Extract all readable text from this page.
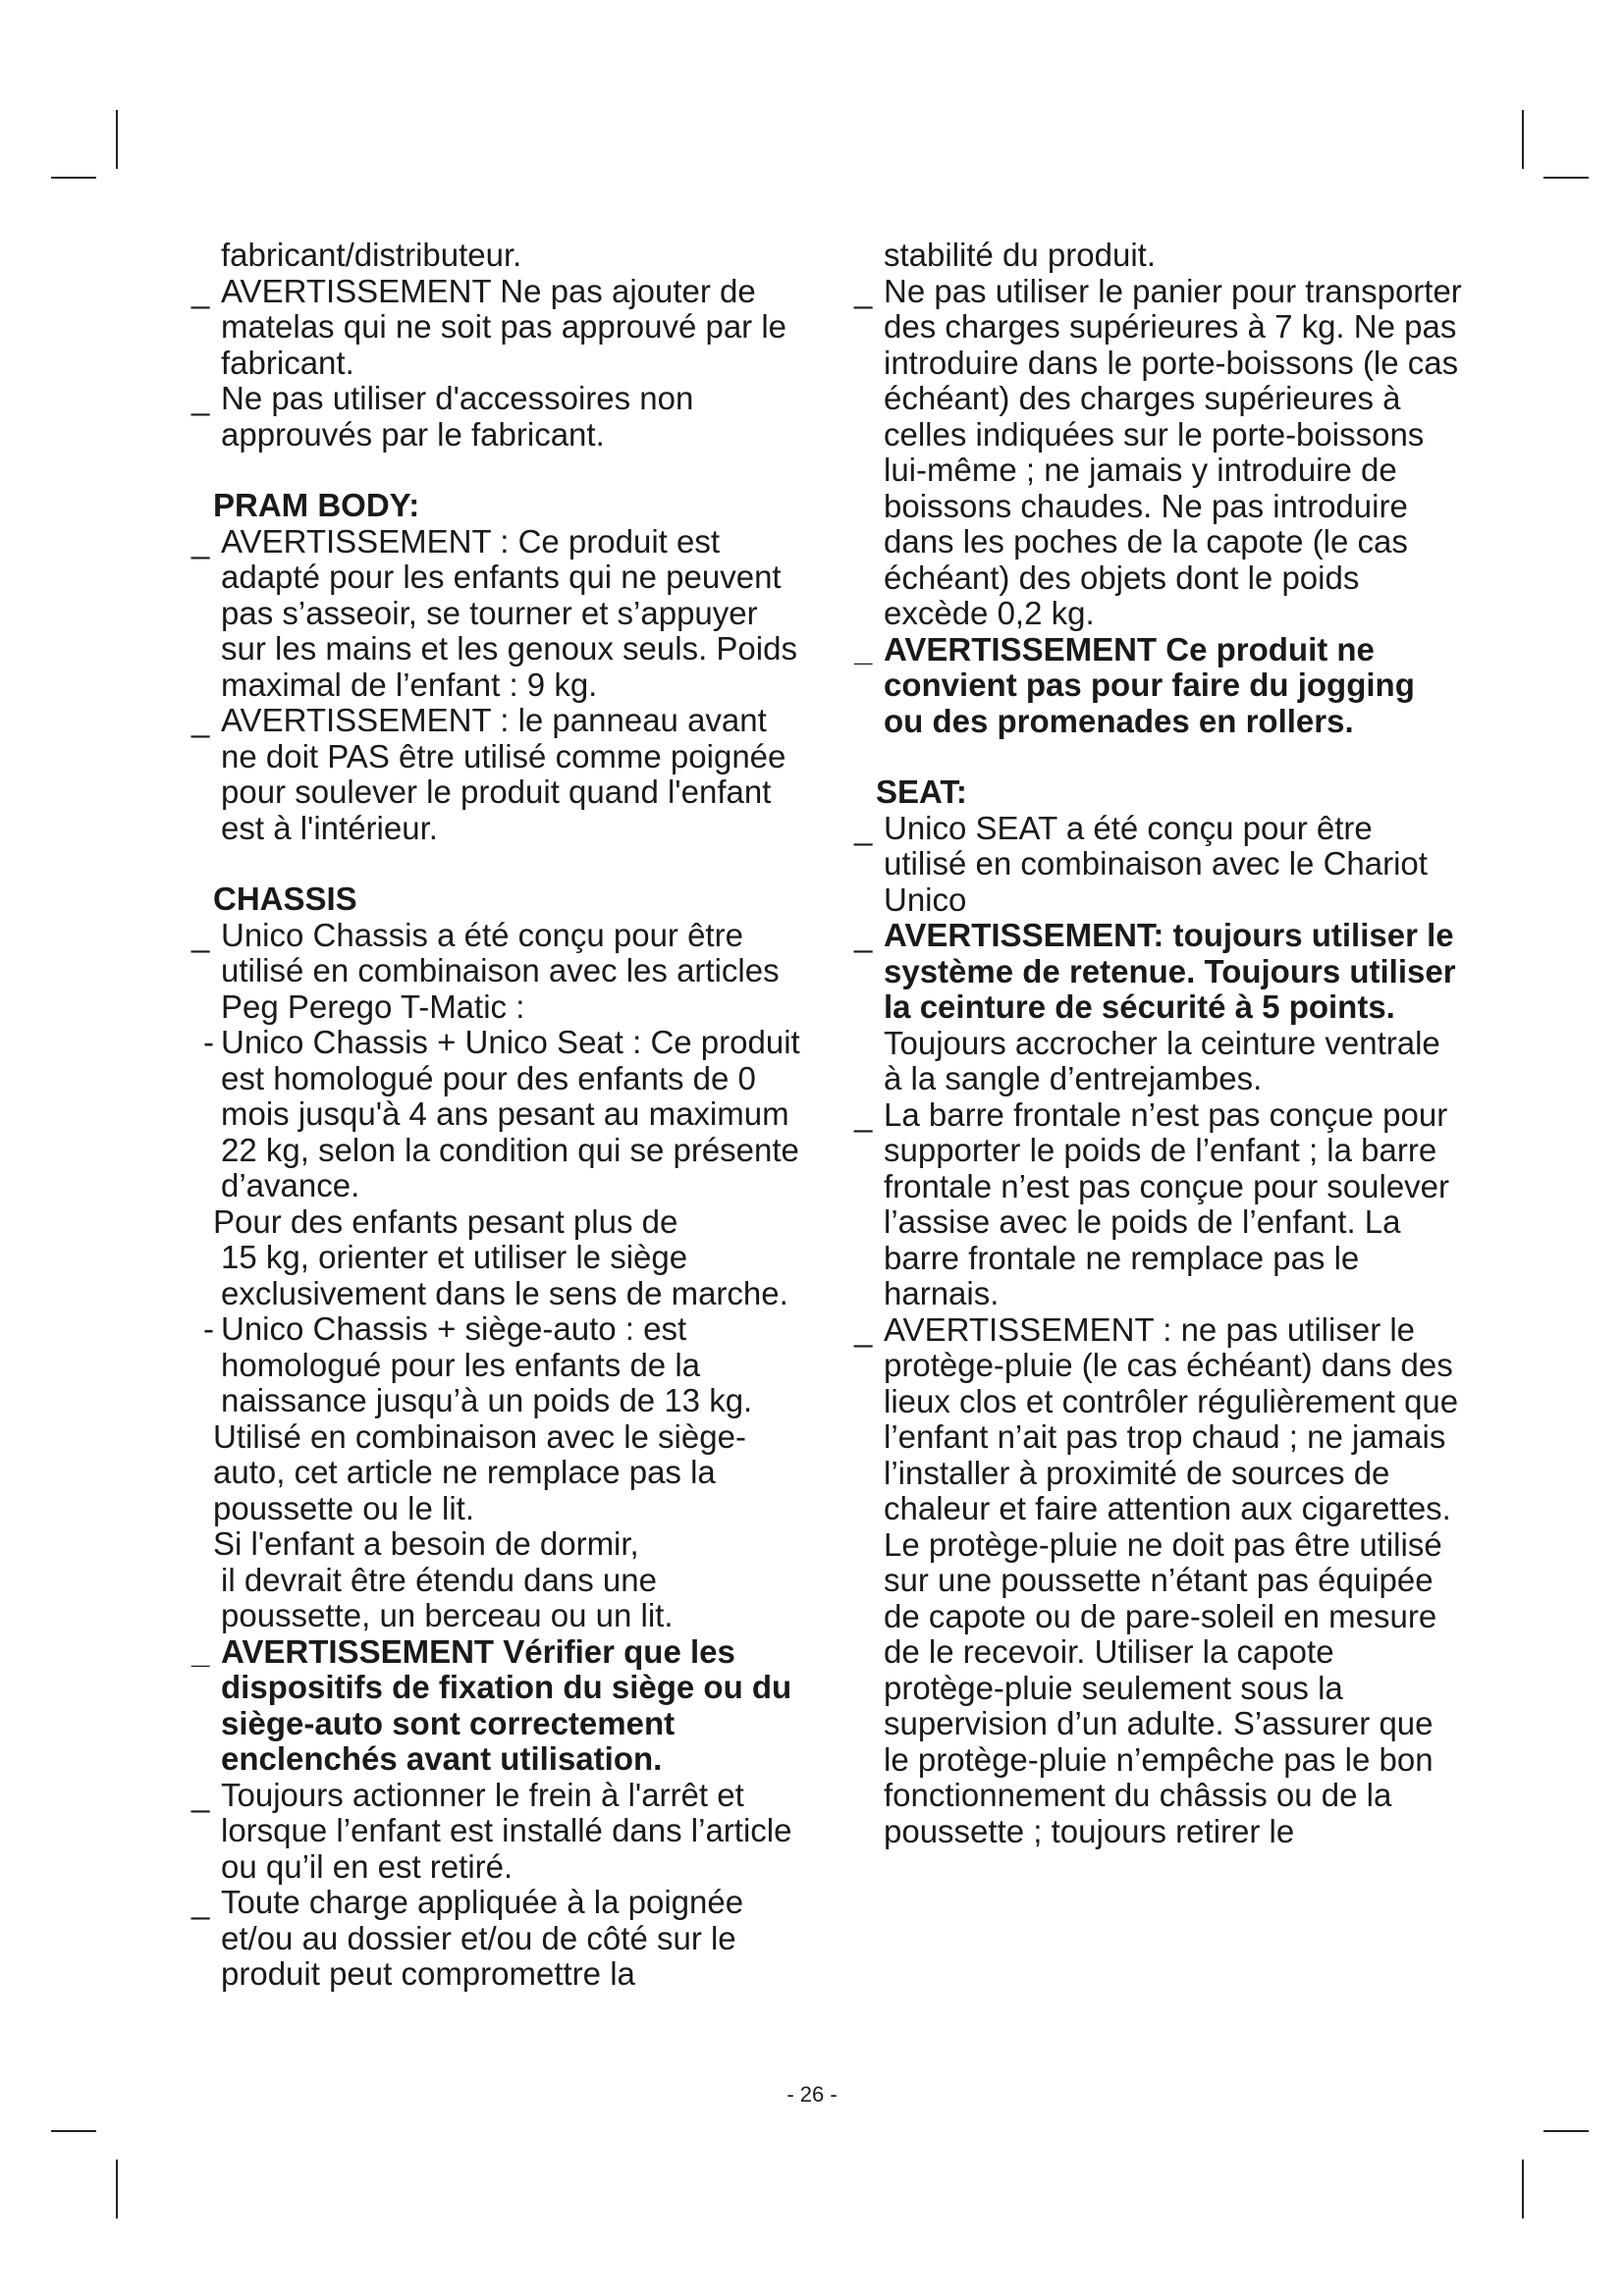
fabricant/distributeur.
_ AVERTISSEMENT Ne pas ajouter de matelas qui ne soit pas approuvé par le fabricant.
_ Ne pas utiliser d'accessoires non approuvés par le fabricant.
PRAM BODY:
_ AVERTISSEMENT : Ce produit est adapté pour les enfants qui ne peuvent pas s’asseoir, se tourner et s’appuyer sur les mains et les genoux seuls. Poids maximal de l’enfant : 9 kg.
_ AVERTISSEMENT : le panneau avant ne doit PAS être utilisé comme poignée pour soulever le produit quand l'enfant est à l'intérieur.
CHASSIS
_ Unico Chassis a été conçu pour être utilisé en combinaison avec les articles Peg Perego T-Matic :
- Unico Chassis + Unico Seat : Ce produit est homologué pour des enfants de 0 mois jusqu'à 4 ans pesant au maximum 22 kg, selon la condition qui se présente d’avance.
Pour des enfants pesant plus de
15 kg, orienter et utiliser le siège exclusivement dans le sens de marche.
- Unico Chassis + siège-auto : est homologué pour les enfants de la naissance jusqu’à un poids de 13 kg.
Utilisé en combinaison avec le siège-auto, cet article ne remplace pas la poussette ou le lit.
Si l'enfant a besoin de dormir,
il devrait être étendu dans une poussette, un berceau ou un lit.
_ AVERTISSEMENT Vérifier que les dispositifs de fixation du siège ou du siège-auto sont correctement enclenchés avant utilisation.
_ Toujours actionner le frein à l'arrêt et lorsque l’enfant est installé dans l’article ou qu’il en est retiré.
_ Toute charge appliquée à la poignée et/ou au dossier et/ou de côté sur le produit peut compromettre la
stabilité du produit.
_ Ne pas utiliser le panier pour transporter des charges supérieures à 7 kg. Ne pas introduire dans le porte-boissons (le cas échéant) des charges supérieures à celles indiquées sur le porte-boissons lui-même ; ne jamais y introduire de boissons chaudes. Ne pas introduire dans les poches de la capote (le cas échéant) des objets dont le poids excède 0,2 kg.
_ AVERTISSEMENT Ce produit ne convient pas pour faire du jogging ou des promenades en rollers.
SEAT:
_ Unico SEAT a été conçu pour être utilisé en combinaison avec le Chariot Unico
_ AVERTISSEMENT: toujours utiliser le système de retenue. Toujours utiliser la ceinture de sécurité à 5 points. Toujours accrocher la ceinture ventrale à la sangle d’entrejambes.
_ La barre frontale n’est pas conçue pour supporter le poids de l’enfant ; la barre frontale n’est pas conçue pour soulever l’assise avec le poids de l’enfant. La barre frontale ne remplace pas le harnais.
_ AVERTISSEMENT : ne pas utiliser le protège-pluie (le cas échéant) dans des lieux clos et contrôler régulièrement que l’enfant n’ait pas trop chaud ; ne jamais l’installer à proximité de sources de chaleur et faire attention aux cigarettes. Le protège-pluie ne doit pas être utilisé sur une poussette n’étant pas équipée de capote ou de pare-soleil en mesure de le recevoir. Utiliser la capote protège-pluie seulement sous la supervision d’un adulte. S’assurer que le protège-pluie n’empêche pas le bon fonctionnement du châssis ou de la poussette ; toujours retirer le
- 26 -
